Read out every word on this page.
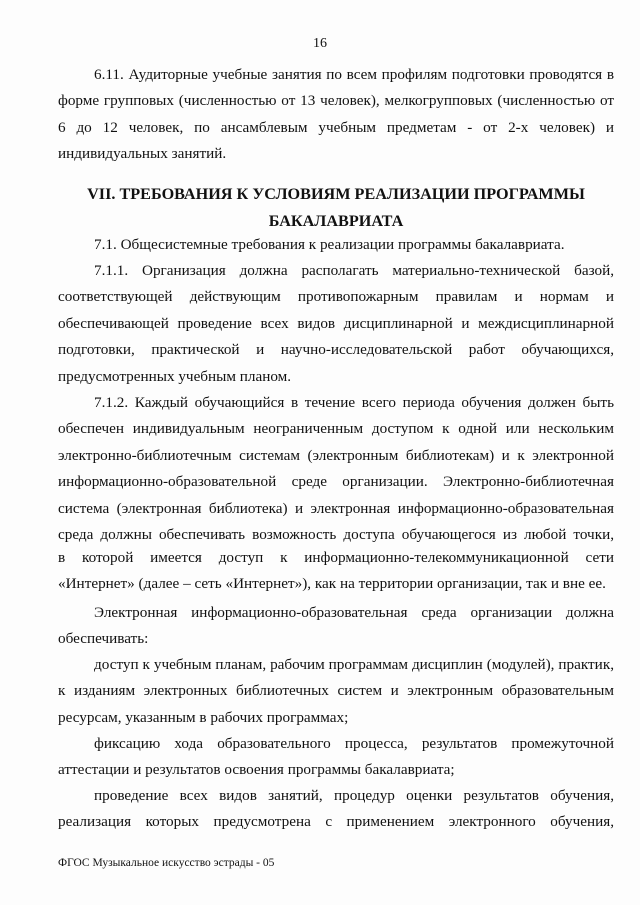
16

6.11. Аудиторные учебные занятия по всем профилям подготовки проводятся в форме групповых (численностью от 13 человек), мелкогрупповых (численностью от 6 до 12 человек, по ансамблевым учебным предметам - от 2-х человек) и индивидуальных занятий.

VII. ТРЕБОВАНИЯ К УСЛОВИЯМ РЕАЛИЗАЦИИ ПРОГРАММЫ
БАКАЛАВРИАТА

7.1. Общесистемные требования к реализации программы бакалавриата.

7.1.1. Организация должна располагать материально-технической базой, соответствующей действующим противопожарным правилам и нормам и обеспечивающей проведение всех видов дисциплинарной и междисциплинарной подготовки, практической и научно-исследовательской работ обучающихся, предусмотренных учебным планом.

7.1.2. Каждый обучающийся в течение всего периода обучения должен быть обеспечен индивидуальным неограниченным доступом к одной или нескольким электронно-библиотечным системам (электронным библиотекам) и к электронной информационно-образовательной среде организации. Электронно-библиотечная система (электронная библиотека) и электронная информационно-образовательная среда должны обеспечивать возможность доступа обучающегося из любой точки,

в которой имеется доступ к информационно-телекоммуникационной сети «Интернет» (далее – сеть «Интернет»), как на территории организации, так и вне ее.

Электронная информационно-образовательная среда организации должна обеспечивать:

доступ к учебным планам, рабочим программам дисциплин (модулей), практик, к изданиям электронных библиотечных систем и электронным образовательным ресурсам, указанным в рабочих программах;

фиксацию хода образовательного процесса, результатов промежуточной аттестации и результатов освоения программы бакалавриата;

проведение всех видов занятий, процедур оценки результатов обучения, реализация которых предусмотрена с применением электронного обучения,

ФГОС Музыкальное искусство эстрады - 05
